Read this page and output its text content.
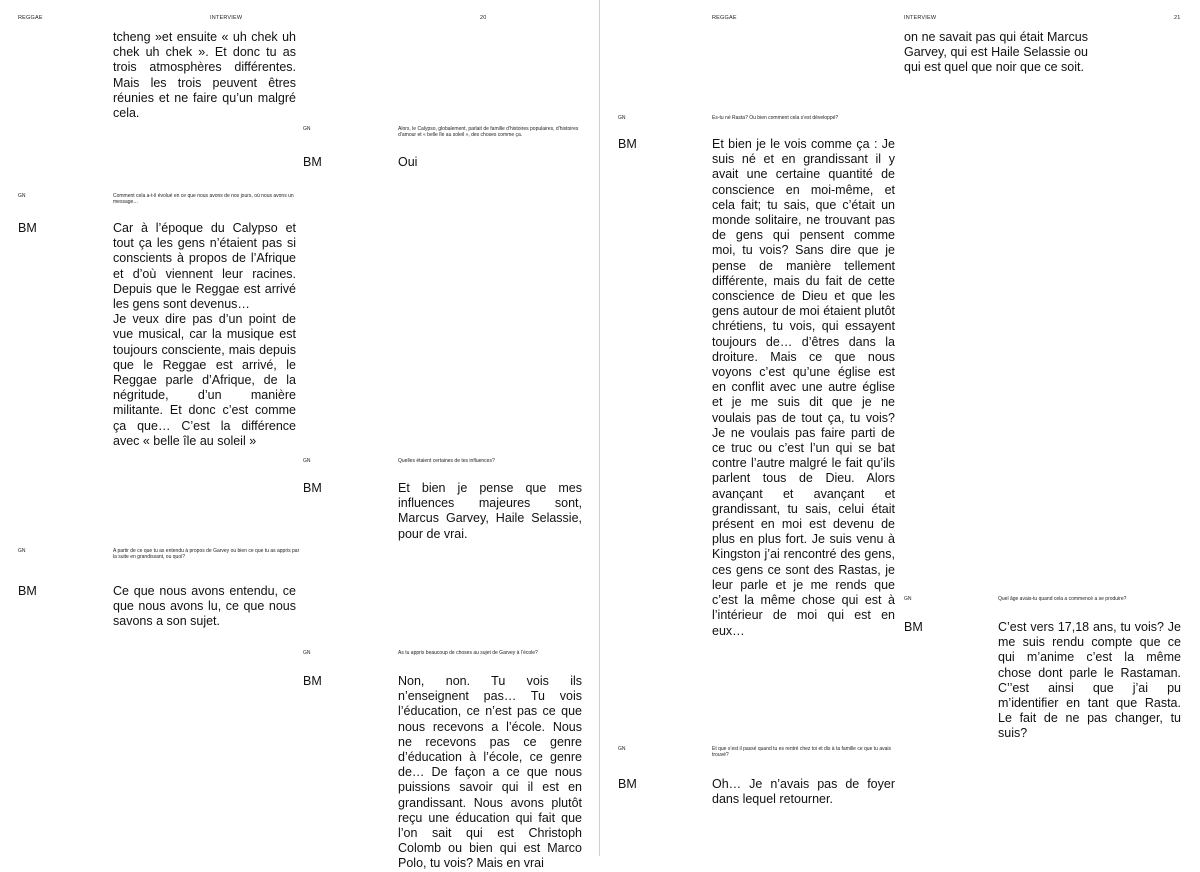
REGGAE	INTERVIEW	20

tcheng »et ensuite « uh chek uh chek uh chek ». Et donc tu as trois atmosphères différentes. Mais les trois peuvent êtres réunies et ne faire qu’un malgré cela.

GN	Alors, le Calypso, globalement, parlait de famille d’histoires populaires, d’histoires d’amour et « belle île au soleil », des choses comme ça.
BM	Oui

GN	Comment cela a-t-il évolué en ce que nous avons de nos jours, où nous avons un message…
BM	Car à l’époque du Calypso et tout ça les gens n’étaient pas si conscients à propos de l’Afrique et d’où viennent leur racines. Depuis que le Reggae est arrivé les gens sont devenus…

Je veux dire pas d’un point de vue musical, car la musique est toujours consciente, mais depuis que le Reggae est arrivé, le Reggae parle d’Afrique, de la négritude, d’un manière militante. Et donc c’est comme ça que… C’est la différence avec « belle île au soleil »

GN	Quelles étaient certaines de tes influences?
BM	Et bien je pense que mes influences majeures sont, Marcus Garvey, Haile Selassie, pour de vrai.

GN	A partir de ce que tu as entendu à propos de Garvey ou bien ce que tu as appris par la suite en grandissant, ou quoi?
BM	Ce que nous avons entendu, ce que nous avons lu, ce que nous savons a son sujet.

GN	As tu appris beaucoup de choses au sujet de Garvey à l’école?
BM	Non, non. Tu vois ils n’enseignent pas… Tu vois l’éducation, ce n’est pas ce que nous recevons a l’école. Nous ne recevons pas ce genre d’éducation à l’école, ce genre de… De façon a ce que nous puissions savoir qui il est en grandissant. Nous avons plutôt reçu une éducation qui fait que l’on sait qui est Christoph Colomb ou bien qui est Marco Polo, tu vois? Mais en vrai

REGGAE	INTERVIEW	21

on ne savait pas qui était Marcus Garvey, qui est Haile Selassie ou qui est quel que noir que ce soit.

GN	Es-tu né Rasta? Ou bien comment cela s’est développé?
BM	Et bien je le vois comme ça : Je suis né et en grandissant il y avait une certaine quantité de conscience en moi-même, et cela fait; tu sais, que c’était un monde solitaire, ne trouvant pas de gens qui pensent comme moi, tu vois? Sans dire que je pense de manière tellement différente, mais du fait de cette conscience de Dieu et que les gens autour de moi étaient plutôt chrétiens, tu vois, qui essayent toujours de… d’êtres dans la droiture. Mais ce que nous voyons c’est qu’une église est en conflit avec une autre église et je me suis dit que je ne voulais pas de tout ça, tu vois? Je ne voulais pas faire parti de ce truc ou c’est l’un qui se bat contre l’autre malgré le fait qu’ils parlent tous de Dieu. Alors avançant et avançant et grandissant, tu sais, celui était présent en moi est devenu de plus en plus fort. Je suis venu à Kingston j’ai rencontré des gens, ces gens ce sont des Rastas, je leur parle et je me rends que c’est la même chose qui est à l’intérieur de moi qui est en eux…

GN	Quel âge avais-tu quand cela a commencé a se produire?
BM	C’est vers 17,18 ans, tu vois? Je me suis rendu compte que ce qui m’anime c’est la même chose dont parle le Rastaman. C’’est ainsi que j’ai pu m’identifier en tant que Rasta. Le fait de ne pas changer, tu suis?

GN	Et que s’est il passé quand tu es rentré chez toi et dis à ta famille ce que tu avais trouvé?
BM	Oh… Je n’avais pas de foyer dans lequel retourner.
